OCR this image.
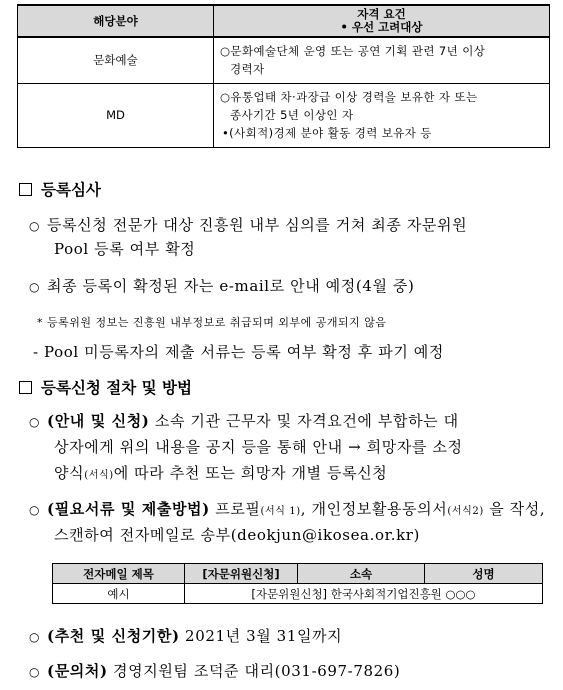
해당분야	자격 요건
• 우선 고려대상

문화예술	○문화예술단체 운영 또는 공연 기획 관련 7년 이상
경력자

MD	○유통업태 차·과장급 이상 경력을 보유한 자 또는
종사기간 5년 이상인 자
•(사회적)경제 분야 활동 경력 보유자 등
등록심사
○ 등록신청 전문가 대상 진흥원 내부 심의를 거쳐 최종 자문위원
Pool 등록 여부 확정
○ 최종 등록이 확정된 자는 e-mail로 안내 예정(4월 중)
* 등록위원 정보는 진흥원 내부정보로 취급되며 외부에 공개되지 않음
- Pool 미등록자의 제출 서류는 등록 여부 확정 후 파기 예정
등록신청 절차 및 방법
○ (안내 및 신청) 소속 기관 근무자 및 자격요건에 부합하는 대
상자에게 위의 내용을 공지 등을 통해 안내 → 희망자를 소정
양식(서식)에 따라 추천 또는 희망자 개별 등록신청
○ (필요서류 및 제출방법) 프로필(서식 1), 개인정보활용동의서(서식2) 을 작성,
스캔하여 전자메일로 송부(deokjun@ikosea.or.kr)
전자메일 제목	[자문위원신청]	소속	성명
예시	[자문위원신청] 한국사회적기업진흥원 ○○○		
○ (추천 및 신청기한) 2021년 3월 31일까지
○ (문의처) 경영지원팀 조덕준 대리(031-697-7826)
